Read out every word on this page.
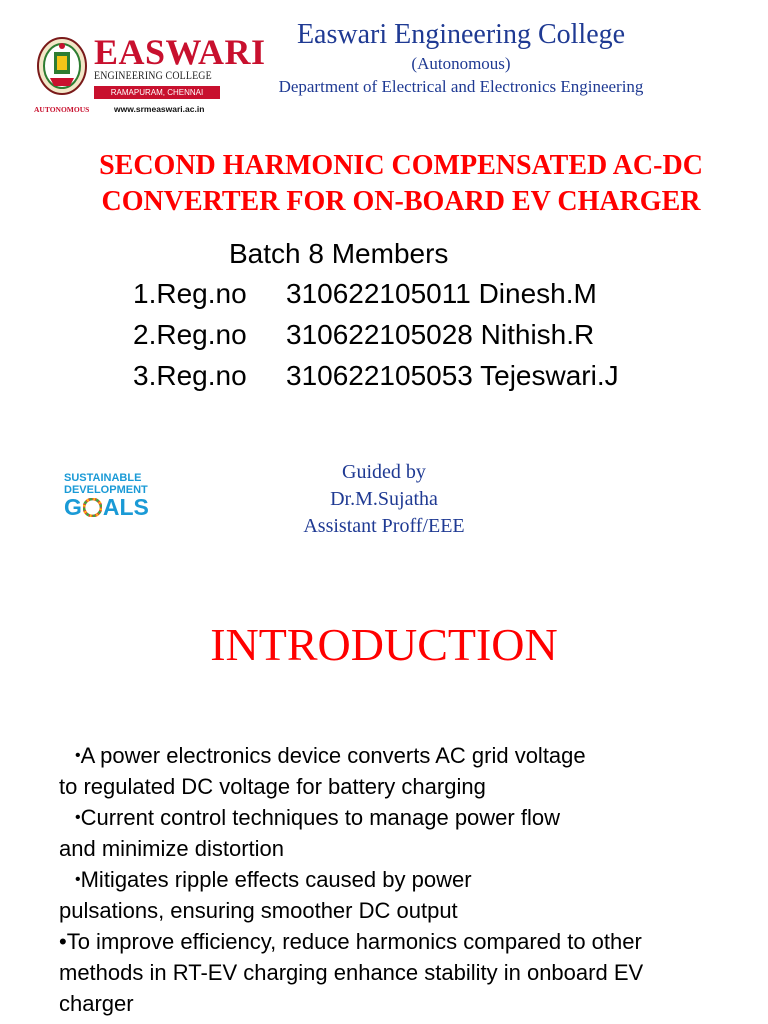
EASWARI
ENGINEERING COLLEGE
RAMAPURAM, CHENNAI
AUTONOMOUS	www.srmeaswari.ac.in
Easwari Engineering College
(Autonomous)
Department of Electrical and Electronics Engineering
SECOND HARMONIC COMPENSATED AC-DC
CONVERTER FOR ON-BOARD EV CHARGER
Batch 8 Members
1.Reg.no	310622105011 Dinesh.M
2.Reg.no	310622105028 Nithish.R
3.Reg.no	310622105053 Tejeswari.J
SUSTAINABLE
DEVELOPMENT
G ALS
Guided by
Dr.M.Sujatha
Assistant Proff/EEE
INTRODUCTION
•A power electronics device converts AC grid voltage
to regulated DC voltage for battery charging
•Current control techniques to manage power flow
and minimize distortion
•Mitigates ripple effects caused by power
pulsations, ensuring smoother DC output
•To improve efficiency, reduce harmonics compared to other
methods in RT-EV charging enhance stability in onboard EV
charger
